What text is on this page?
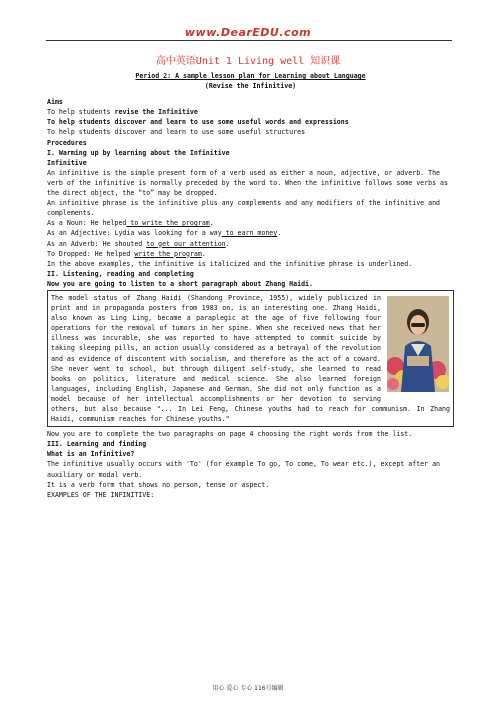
www.DearEDU.com
高中英语Unit 1 Living well 知识课

Period 2: A sample lesson plan for Learning about Language

(Revise the Infinitive)

Aims

To help students revise the Infinitive

To help students discover and learn to use some useful words and expressions

To help students discover and learn to use some useful structures

Procedures

I. Warming up by learning about the Infinitive

Infinitive

An infinitive is the simple present form of a verb used as either a noun, adjective, or adverb. The verb of the infinitive is normally preceded by the word to. When the infinitive follows some verbs as the direct object, the “to” may be dropped.

An infinitive phrase is the infinitive plus any complements and any modifiers of the infinitive and complements.

As a Noun: He helped to write the program.

As an Adjective: Lydia was looking for a way to earn money.

As an Adverb: He shouted to get our attention.

To Dropped: He helped write the program.

In the above examples, the infinitive is italicized and the infinitive phrase is underlined.

II. Listening, reading and completing

Now you are going to listen to a short paragraph about Zhang Haidi.

The model status of Zhang Haidi (Shandong Province, 1955), widely publicized in print and in propaganda posters from 1983 on, is an interesting one. Zhang Haidi, also known as Ling Ling, became a paraplegic at the age of five following four operations for the removal of tumors in her spine. When she received news that her illness was incurable, she was reported to have attempted to commit suicide by taking sleeping pills, an action usually considered as a betrayal of the revolution and as evidence of discontent with socialism, and therefore as the act of a coward. She never went to school, but through diligent self-study, she learned to read books on politics, literature and medical science. She also learned foreign languages, including English, Japanese and German. She did not only function as a model because of her intellectual accomplishments or her devotion to serving others, but also because "... In Lei Feng, Chinese youths had to reach for communism. In Zhang Haidi, communism reaches for Chinese youths."

Now you are to complete the two paragraphs on page 4 choosing the right words from the list.

III. Learning and finding

What is an Infinitive?

The infinitive usually occurs with 'To' (for example To go, To come, To wear etc.), except after an auxiliary or modal verb.

It is a verb form that shows no person, tense or aspect.

EXAMPLES OF THE INFINITIVE:

用心 爱心 专心 116号编辑
